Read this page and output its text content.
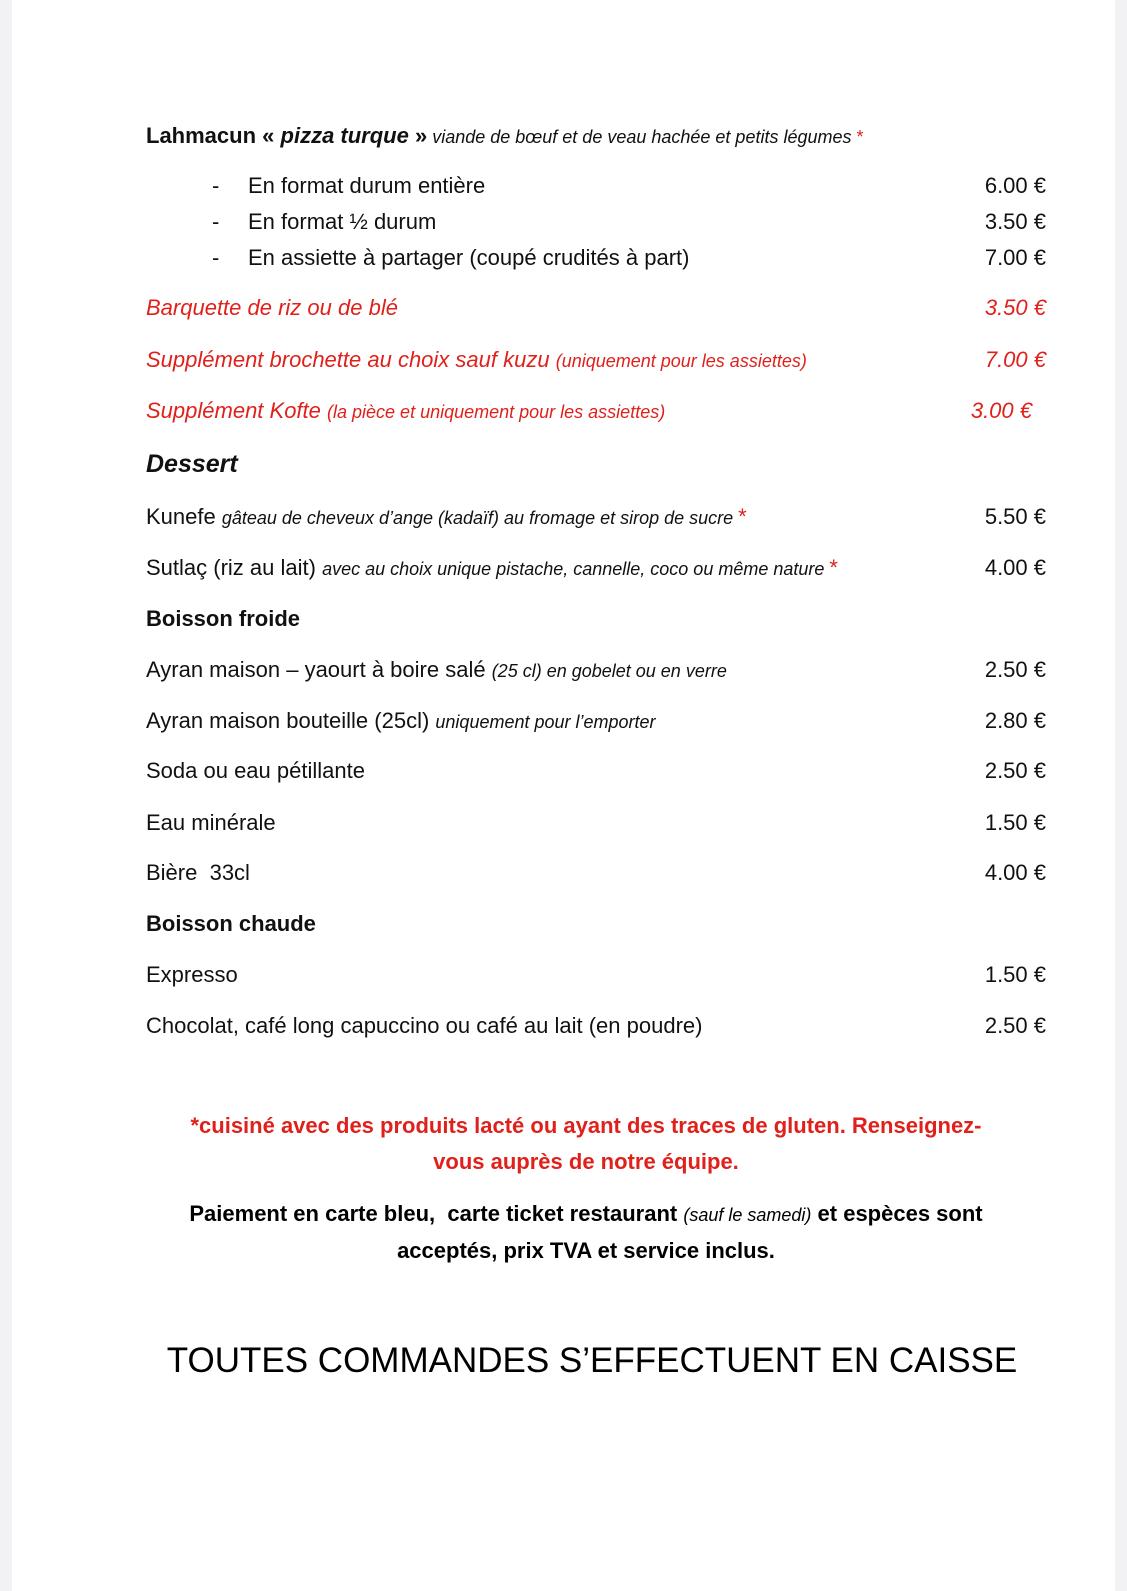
Lahmacun « pizza turque » viande de bœuf et de veau hachée et petits légumes *
- En format durum entière	6.00 €
- En format ½ durum	3.50 €
- En assiette à partager (coupé crudités à part)	7.00 €
Barquette de riz ou de blé	3.50 €
Supplément brochette au choix sauf kuzu (uniquement pour les assiettes)	7.00 €
Supplément Kofte (la pièce et uniquement pour les assiettes)	3.00 €
Dessert
Kunefe gâteau de cheveux d’ange (kadaïf) au fromage et sirop de sucre *	5.50 €
Sutlaç (riz au lait) avec au choix unique pistache, cannelle, coco ou même nature *	4.00 €
Boisson froide
Ayran maison – yaourt à boire salé (25 cl) en gobelet ou en verre	2.50 €
Ayran maison bouteille (25cl) uniquement pour l’emporter	2.80 €
Soda ou eau pétillante	2.50 €
Eau minérale	1.50 €
Bière  33cl	4.00 €
Boisson chaude
Expresso	1.50 €
Chocolat, café long capuccino ou café au lait (en poudre)	2.50 €
*cuisiné avec des produits lacté ou ayant des traces de gluten. Renseignez-
vous auprès de notre équipe.
Paiement en carte bleu,  carte ticket restaurant (sauf le samedi) et espèces sont
acceptés, prix TVA et service inclus.
TOUTES COMMANDES S’EFFECTUENT EN CAISSE
